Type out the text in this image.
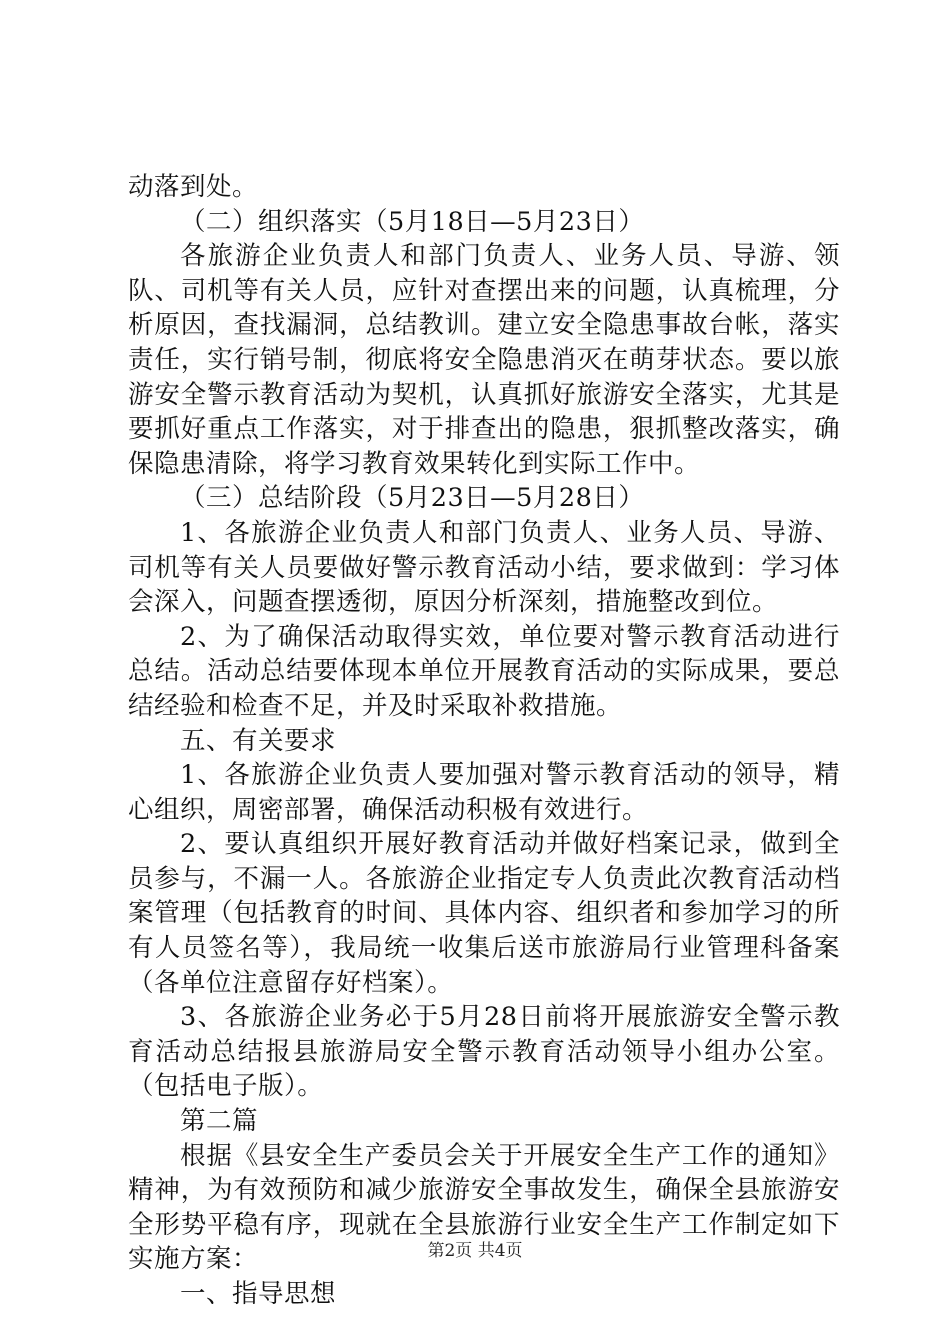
动落到处。

（二）组织落实（5月18日—5月23日）

各旅游企业负责人和部门负责人、业务人员、导游、领队、司机等有关人员，应针对查摆出来的问题，认真梳理，分析原因，查找漏洞，总结教训。建立安全隐患事故台帐，落实责任，实行销号制，彻底将安全隐患消灭在萌芽状态。要以旅游安全警示教育活动为契机，认真抓好旅游安全落实，尤其是要抓好重点工作落实，对于排查出的隐患，狠抓整改落实，确保隐患清除，将学习教育效果转化到实际工作中。

（三）总结阶段（5月23日—5月28日）

1、各旅游企业负责人和部门负责人、业务人员、导游、司机等有关人员要做好警示教育活动小结，要求做到：学习体会深入，问题查摆透彻，原因分析深刻，措施整改到位。

2、为了确保活动取得实效，单位要对警示教育活动进行总结。活动总结要体现本单位开展教育活动的实际成果，要总结经验和检查不足，并及时采取补救措施。

五、有关要求

1、各旅游企业负责人要加强对警示教育活动的领导，精心组织，周密部署，确保活动积极有效进行。

2、要认真组织开展好教育活动并做好档案记录，做到全员参与，不漏一人。各旅游企业指定专人负责此次教育活动档案管理（包括教育的时间、具体内容、组织者和参加学习的所有人员签名等），我局统一收集后送市旅游局行业管理科备案（各单位注意留存好档案）。

3、各旅游企业务必于5月28日前将开展旅游安全警示教育活动总结报县旅游局安全警示教育活动领导小组办公室。（包括电子版）。

第二篇

根据《县安全生产委员会关于开展安全生产工作的通知》精神，为有效预防和减少旅游安全事故发生，确保全县旅游安全形势平稳有序，现就在全县旅游行业安全生产工作制定如下实施方案：

一、指导思想

第2页 共4页
